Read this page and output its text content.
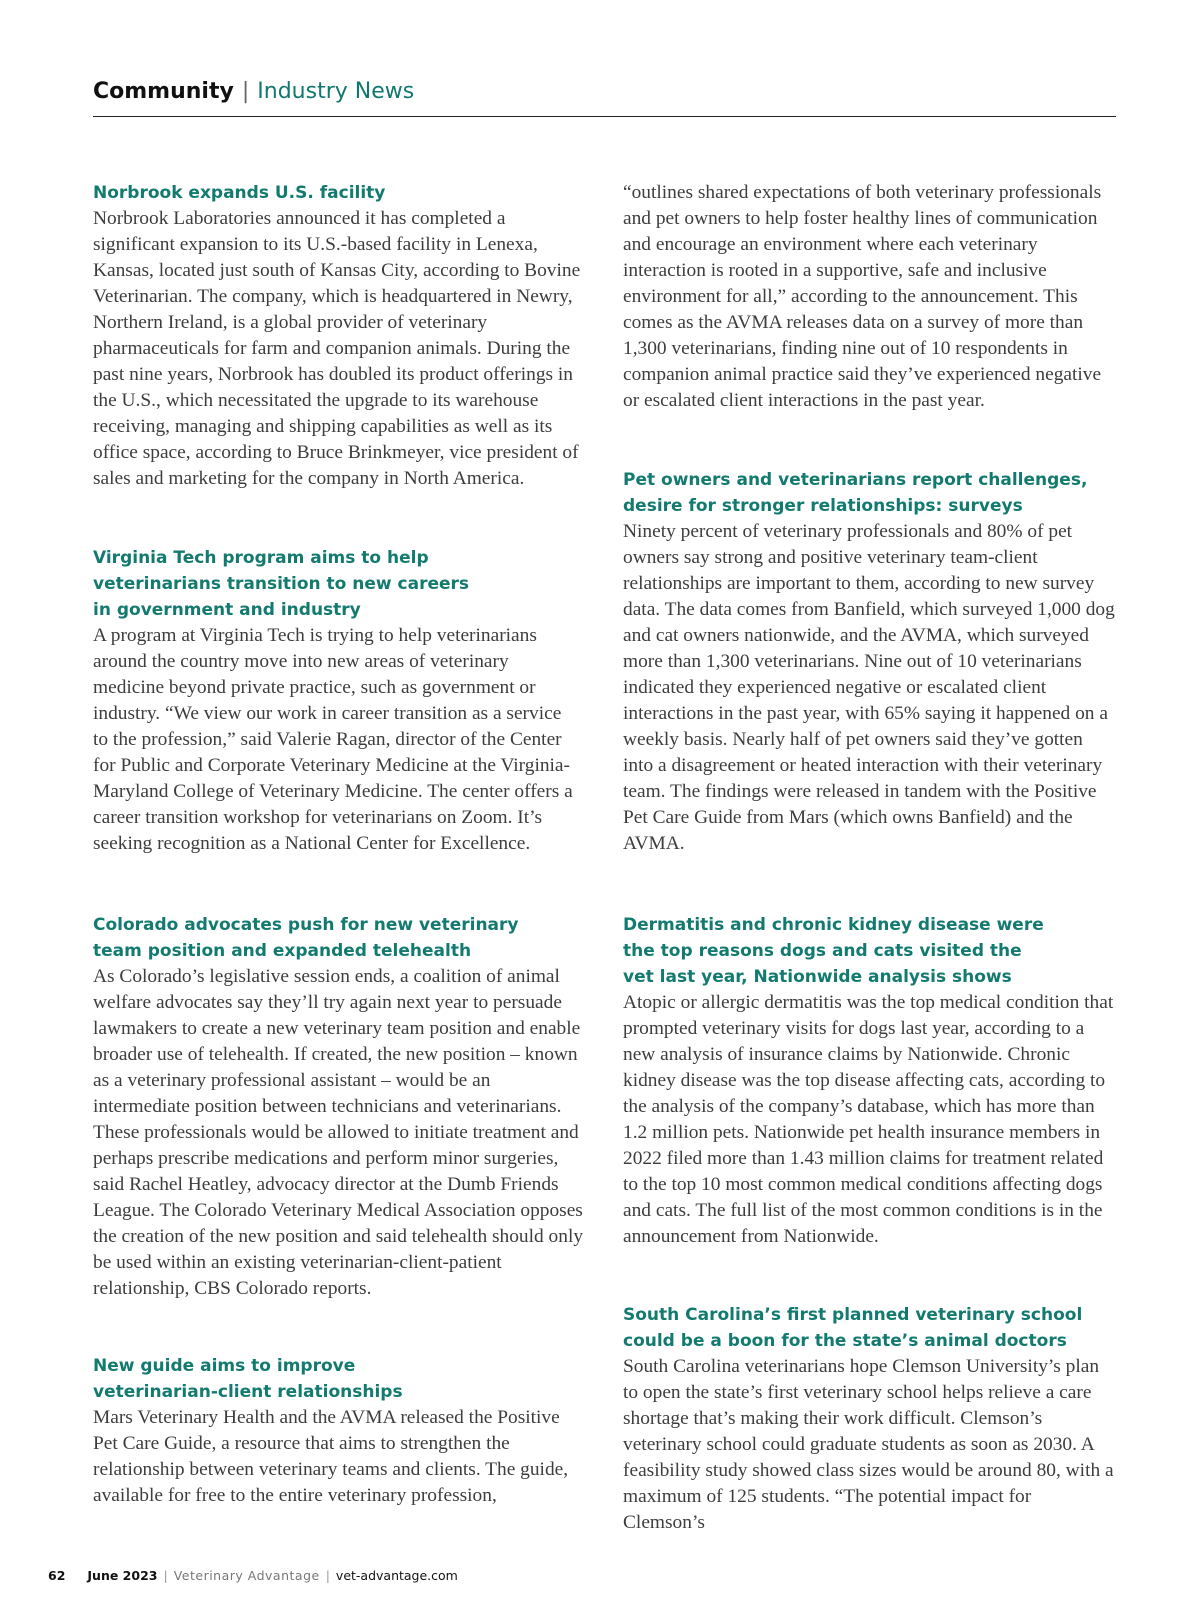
Community | Industry News
Norbrook expands U.S. facility

Norbrook Laboratories announced it has completed a significant expansion to its U.S.-based facility in Lenexa, Kansas, located just south of Kansas City, according to Bovine Veterinarian. The company, which is headquartered in Newry, Northern Ireland, is a global provider of veterinary pharmaceuticals for farm and companion animals. During the past nine years, Norbrook has doubled its product offerings in the U.S., which necessitated the upgrade to its warehouse receiving, managing and shipping capabilities as well as its office space, according to Bruce Brinkmeyer, vice president of sales and marketing for the company in North America.

Virginia Tech program aims to help veterinarians transition to new careers in government and industry

A program at Virginia Tech is trying to help veterinarians around the country move into new areas of veterinary medicine beyond private practice, such as government or industry. “We view our work in career transition as a service to the profession,” said Valerie Ragan, director of the Center for Public and Corporate Veterinary Medicine at the Virginia-Maryland College of Veterinary Medicine. The center offers a career transition workshop for veterinarians on Zoom. It’s seeking recognition as a National Center for Excellence.

Colorado advocates push for new veterinary team position and expanded telehealth

As Colorado’s legislative session ends, a coalition of animal welfare advocates say they’ll try again next year to persuade lawmakers to create a new veterinary team position and enable broader use of telehealth. If created, the new position – known as a veterinary professional assistant – would be an intermediate position between technicians and veterinarians. These professionals would be allowed to initiate treatment and perhaps prescribe medications and perform minor surgeries, said Rachel Heatley, advocacy director at the Dumb Friends League. The Colorado Veterinary Medical Association opposes the creation of the new position and said telehealth should only be used within an existing veterinarian-client-patient relationship, CBS Colorado reports.

New guide aims to improve veterinarian-client relationships

Mars Veterinary Health and the AVMA released the Positive Pet Care Guide, a resource that aims to strengthen the relationship between veterinary teams and clients. The guide, available for free to the entire veterinary profession,

“outlines shared expectations of both veterinary professionals and pet owners to help foster healthy lines of communication and encourage an environment where each veterinary interaction is rooted in a supportive, safe and inclusive environment for all,” according to the announcement. This comes as the AVMA releases data on a survey of more than 1,300 veterinarians, finding nine out of 10 respondents in companion animal practice said they’ve experienced negative or escalated client interactions in the past year.

Pet owners and veterinarians report challenges, desire for stronger relationships: surveys

Ninety percent of veterinary professionals and 80% of pet owners say strong and positive veterinary team-client relationships are important to them, according to new survey data. The data comes from Banfield, which surveyed 1,000 dog and cat owners nationwide, and the AVMA, which surveyed more than 1,300 veterinarians. Nine out of 10 veterinarians indicated they experienced negative or escalated client interactions in the past year, with 65% saying it happened on a weekly basis. Nearly half of pet owners said they’ve gotten into a disagreement or heated interaction with their veterinary team. The findings were released in tandem with the Positive Pet Care Guide from Mars (which owns Banfield) and the AVMA.

Dermatitis and chronic kidney disease were the top reasons dogs and cats visited the vet last year, Nationwide analysis shows

Atopic or allergic dermatitis was the top medical condition that prompted veterinary visits for dogs last year, according to a new analysis of insurance claims by Nationwide. Chronic kidney disease was the top disease affecting cats, according to the analysis of the company’s database, which has more than 1.2 million pets. Nationwide pet health insurance members in 2022 filed more than 1.43 million claims for treatment related to the top 10 most common medical conditions affecting dogs and cats. The full list of the most common conditions is in the announcement from Nationwide.

South Carolina’s first planned veterinary school could be a boon for the state’s animal doctors

South Carolina veterinarians hope Clemson University’s plan to open the state’s first veterinary school helps relieve a care shortage that’s making their work difficult. Clemson’s veterinary school could graduate students as soon as 2030. A feasibility study showed class sizes would be around 80, with a maximum of 125 students. “The potential impact for Clemson’s

62 June 2023 | Veterinary Advantage | vet-advantage.com
